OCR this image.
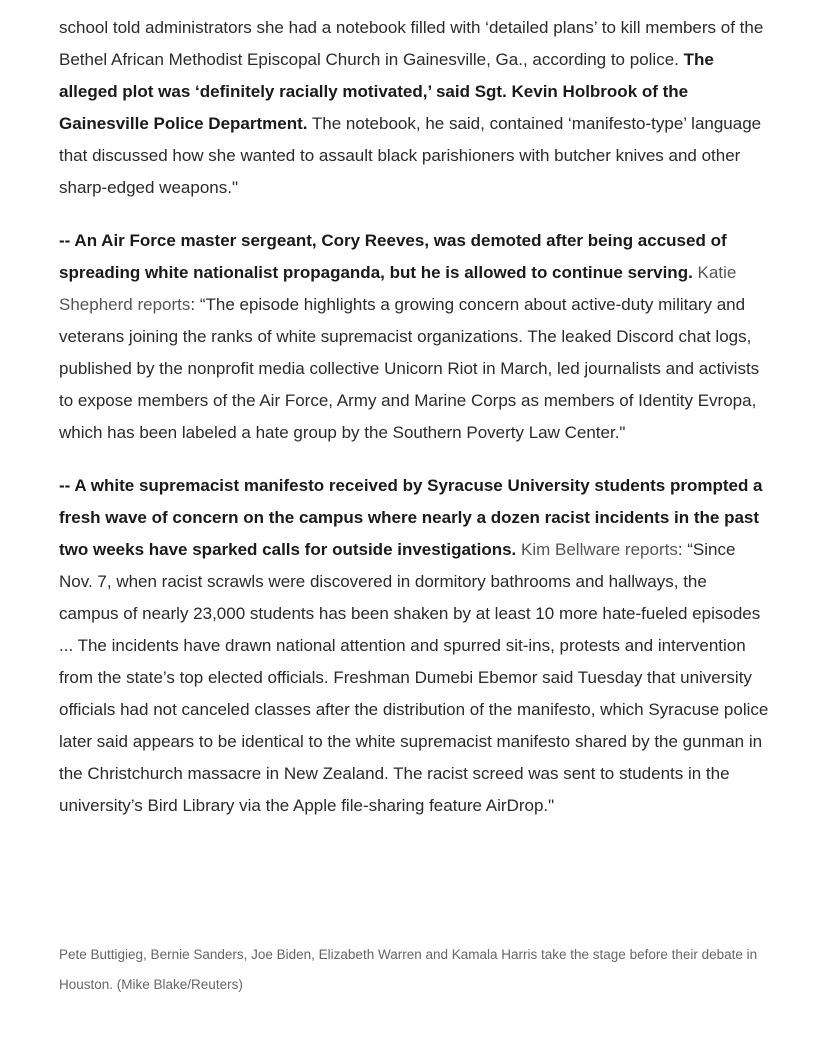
school told administrators she had a notebook filled with ‘detailed plans’ to kill members of the Bethel African Methodist Episcopal Church in Gainesville, Ga., according to police. The alleged plot was ‘definitely racially motivated,’ said Sgt. Kevin Holbrook of the Gainesville Police Department. The notebook, he said, contained ‘manifesto-type’ language that discussed how she wanted to assault black parishioners with butcher knives and other sharp-edged weapons."

-- An Air Force master sergeant, Cory Reeves, was demoted after being accused of spreading white nationalist propaganda, but he is allowed to continue serving. Katie Shepherd reports: “The episode highlights a growing concern about active-duty military and veterans joining the ranks of white supremacist organizations. The leaked Discord chat logs, published by the nonprofit media collective Unicorn Riot in March, led journalists and activists to expose members of the Air Force, Army and Marine Corps as members of Identity Evropa, which has been labeled a hate group by the Southern Poverty Law Center."

-- A white supremacist manifesto received by Syracuse University students prompted a fresh wave of concern on the campus where nearly a dozen racist incidents in the past two weeks have sparked calls for outside investigations. Kim Bellware reports: “Since Nov. 7, when racist scrawls were discovered in dormitory bathrooms and hallways, the campus of nearly 23,000 students has been shaken by at least 10 more hate-fueled episodes ... The incidents have drawn national attention and spurred sit-ins, protests and intervention from the state’s top elected officials. Freshman Dumebi Ebemor said Tuesday that university officials had not canceled classes after the distribution of the manifesto, which Syracuse police later said appears to be identical to the white supremacist manifesto shared by the gunman in the Christchurch massacre in New Zealand. The racist screed was sent to students in the university’s Bird Library via the Apple file-sharing feature AirDrop."

Pete Buttigieg, Bernie Sanders, Joe Biden, Elizabeth Warren and Kamala Harris take the stage before their debate in Houston. (Mike Blake/Reuters)
